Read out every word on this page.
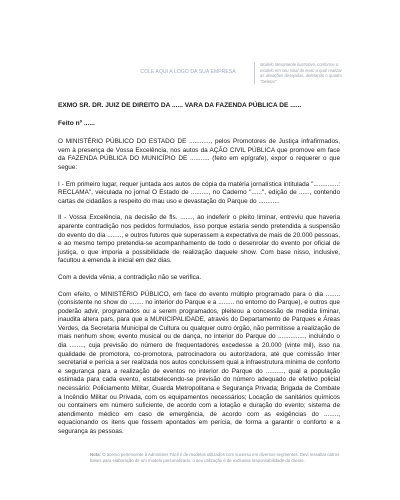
COLE AQUI A LOGO DA SUA EMPRESA
Modelo Meramente ilustrativo, conforme o modelo em seu sinal do texto a qual realizar as ativações desejadas, deletando o quadro "Deletar"

EXMO SR. DR. JUIZ DE DIREITO DA ...... VARA DA FAZENDA PÚBLICA DE ......

Feito nº ......

O MINISTÉRIO PÚBLICO DO ESTADO DE ............, pelos Promotores de Justiça infrafirmados, vem à presença de Vossa Excelência, nos autos da AÇÃO CIVIL PÚBLICA que promove em face da FAZENDA PÚBLICA DO MUNICÍPIO DE ........... (feito em epígrafe), expor o requerer o que segue:

I - Em primeiro lugar, requer juntada aos autos de cópia da matéria jornalística intitulada "..............: RECLAMA", veiculada no jornal O Estado de .........., no Caderno "......", edição de ......, contendo cartas de cidadãos a respeito do mau uso e devastação do Parque do ............

II - Vossa Excelência, na decisão de fls. ......., ao indeferir o pleito liminar, entreviu que haveria aparente contradição nos pedidos formulados, isso porque estaria sendo pretendida a suspensão do evento do dia ........, e outros futuros que superassem a expectativa de mais de 20.000 pessoas, e ao mesmo tempo pretendia-se acompanhamento de todo o desenrolar do evento por oficial de justiça, o que imporia a possibilidade de realização daquele show. Com base nisso, inclusive, facultou a emenda à inicial em dez dias.

Com a devida vênia, a contradição não se verifica.

Com efeito, o MINISTÉRIO PÚBLICO, em face do evento múltiplo programado para o dia ........ (consistente no show do ........ no interior do Parque e a ......... no entorno do Parque), e outros que poderão advir, programados ou a serem programados, pleiteou a concessão de medida liminar, inaudita altera pars, para que a MUNICIPALIDADE, através do Departamento de Parques e Áreas Verdes, da Secretaria Municipal de Cultura ou qualquer outro órgão, não permitisse a realização de mais nenhum show, evento musical ou de dança, no interior do Parque do ..............., incluindo o dia ........, cuja previsão do número de frequentadores excedesse a 20.000 (vinte mil), isso na qualidade de promotora, co-promotora, patrocinadora ou autorizadora, até que comissão Inter secretarial e perícia a ser realizada nos autos concluíssem qual a infraestrutura mínima de conforto e segurança para a realização de eventos no interior do Parque do .........., qual a população estimada para cada evento, estabelecendo-se previsão do número adequado de efetivo policial necessário: Policiamento Militar, Guarda Metropolitana e Segurança Privada; Brigada de Combate a Incêndio Militar ou Privada, com os equipamentos necessários; Locação de sanitários químicos ou containers em número suficiente, de acordo com a lotação e duração do evento; sistema de atendimento médico em caso de emergência, de acordo com as exigências do ........, equacionando os itens que fossem apontados em perícia, de forma a garantir o conforto e a segurança às pessoas.

Nota: O acervo pertencente à Administer Fácil é de modelos utilizados com sucesso em diversos segmentos. Devi ressaltar outros bases para elaboração de um modelo personalizado, o seu utilização é de exclusiva responsabilidade do cliente.
